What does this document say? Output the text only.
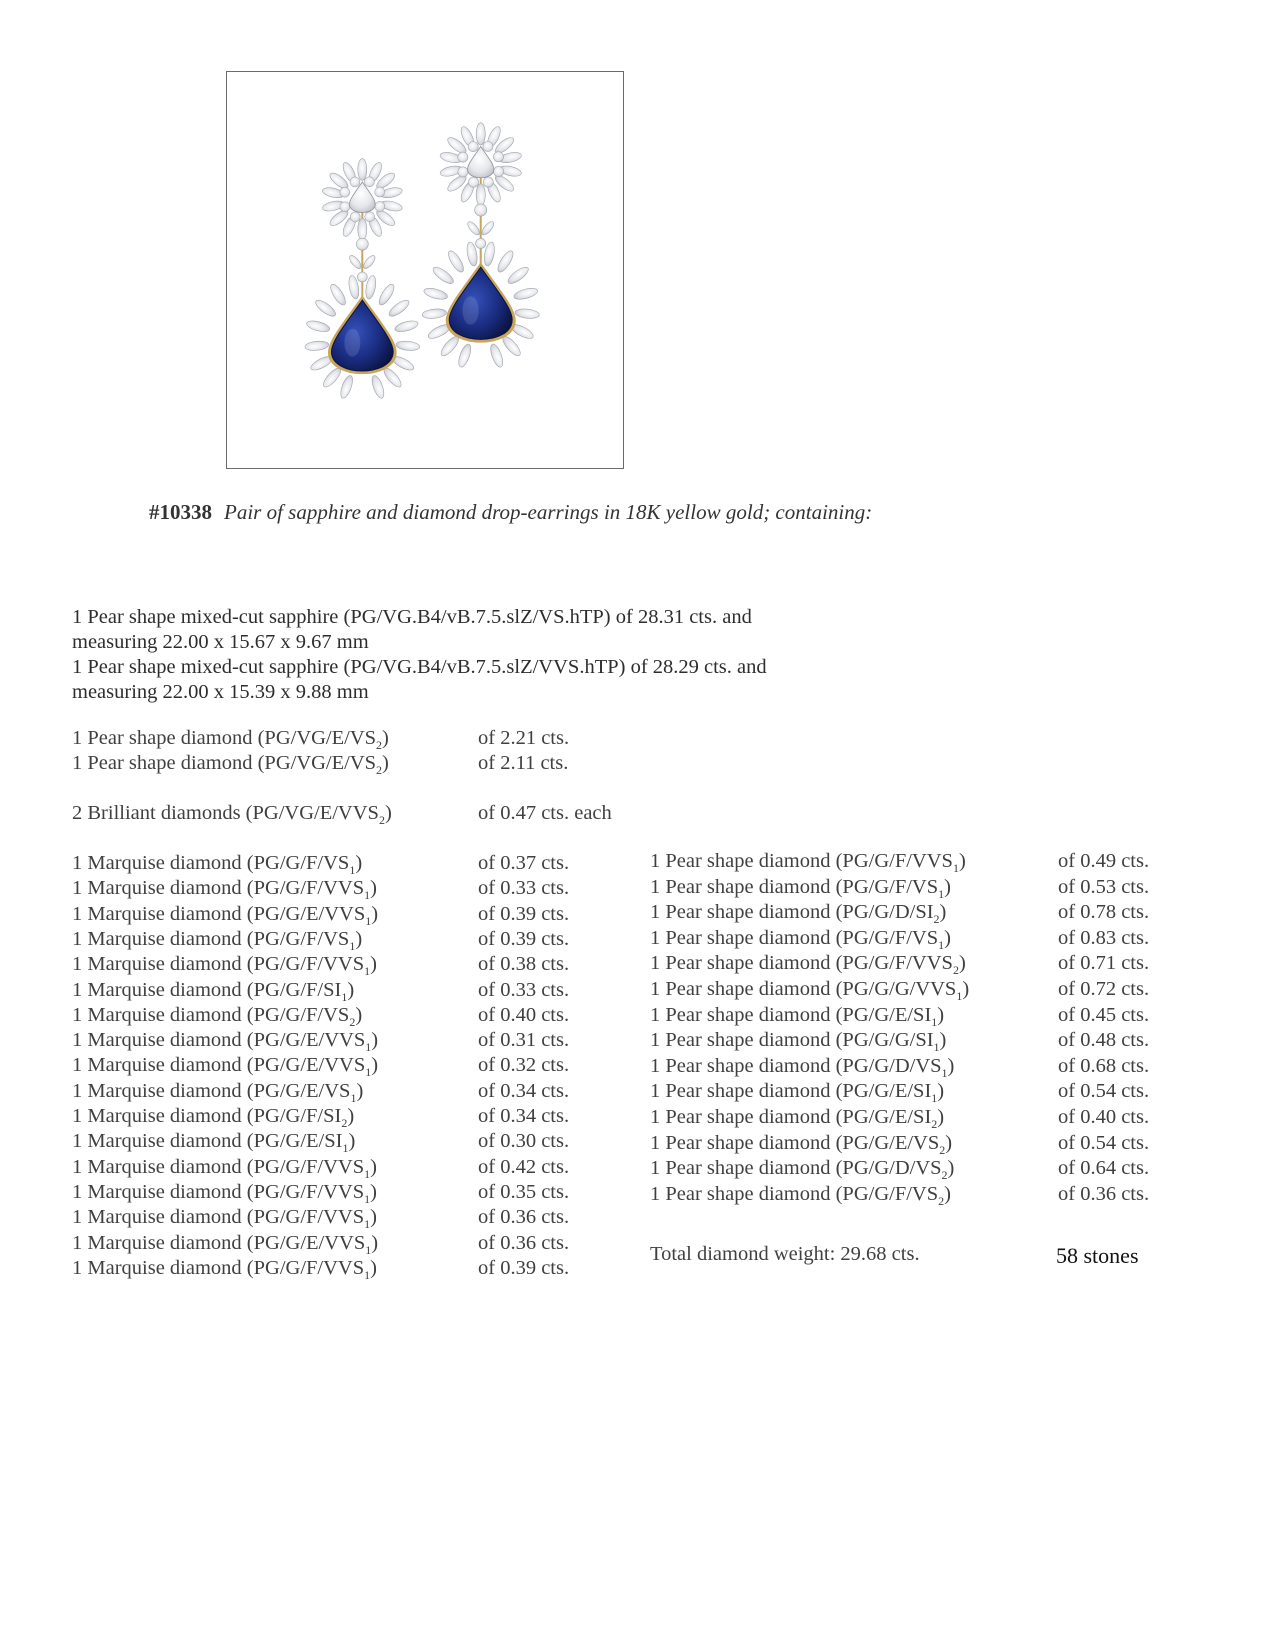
#10338 Pair of sapphire and diamond drop-earrings in 18K yellow gold; containing:

1 Pear shape mixed-cut sapphire (PG/VG.B4/vB.7.5.slZ/VS.hTP) of 28.31 cts. and measuring 22.00 x 15.67 x 9.67 mm

1 Pear shape mixed-cut sapphire (PG/VG.B4/vB.7.5.slZ/VVS.hTP) of 28.29 cts. and measuring 22.00 x 15.39 x 9.88 mm

1 Pear shape diamond $(PG/VG/E/VS_2)$	of 2.21 cts.
1 Pear shape diamond $(PG/VG/E/VS_2)$	of 2.11 cts.
2 Brilliant diamonds $(PG/VG/E/VVS_2)$	of 0.47 cts. each
1 Marquise diamond $(PG/G/F/VS_1)$	of 0.37 cts.
1 Marquise diamond $(PG/G/F/VVS_1)$	of 0.33 cts.
1 Marquise diamond $(PG/G/E/VVS_1)$	of 0.39 cts.
1 Marquise diamond $(PG/G/F/VS_1)$	of 0.39 cts.
1 Marquise diamond $(PG/G/F/VVS_1)$	of 0.38 cts.
1 Marquise diamond $(PG/G/F/SI_1)$	of 0.33 cts.
1 Marquise diamond $(PG/G/F/VS_2)$	of 0.40 cts.
1 Marquise diamond $(PG/G/E/VVS_1)$	of 0.31 cts.
1 Marquise diamond $(PG/G/E/VVS_1)$	of 0.32 cts.
1 Marquise diamond $(PG/G/E/VS_1)$	of 0.34 cts.
1 Marquise diamond $(PG/G/F/SI_2)$	of 0.34 cts.
1 Marquise diamond $(PG/G/E/SI_1)$	of 0.30 cts.
1 Marquise diamond $(PG/G/F/VVS_1)$	of 0.42 cts.
1 Marquise diamond $(PG/G/F/VVS_1)$	of 0.35 cts.
1 Marquise diamond $(PG/G/F/VVS_1)$	of 0.36 cts.
1 Marquise diamond $(PG/G/E/VVS_1)$	of 0.36 cts.
1 Marquise diamond $(PG/G/F/VVS_1)$	of 0.39 cts.
1 Pear shape diamond $(PG/G/F/VVS_1)$	of 0.49 cts.
1 Pear shape diamond $(PG/G/F/VS_1)$	of 0.53 cts.
1 Pear shape diamond $(PG/G/D/SI_2)$	of 0.78 cts.
1 Pear shape diamond $(PG/G/F/VS_1)$	of 0.83 cts.
1 Pear shape diamond $(PG/G/F/VVS_2)$	of 0.71 cts.
1 Pear shape diamond $(PG/G/G/VVS_1)$	of 0.72 cts.
1 Pear shape diamond $(PG/G/E/SI_1)$	of 0.45 cts.
1 Pear shape diamond $(PG/G/G/SI_1)$	of 0.48 cts.
1 Pear shape diamond $(PG/G/D/VS_1)$	of 0.68 cts.
1 Pear shape diamond $(PG/G/E/SI_1)$	of 0.54 cts.
1 Pear shape diamond $(PG/G/E/SI_2)$	of 0.40 cts.
1 Pear shape diamond $(PG/G/E/VS_2)$	of 0.54 cts.
1 Pear shape diamond $(PG/G/D/VS_2)$	of 0.64 cts.
1 Pear shape diamond $(PG/G/F/VS_2)$	of 0.36 cts.
Total diamond weight: 29.68 cts.	58 stones
